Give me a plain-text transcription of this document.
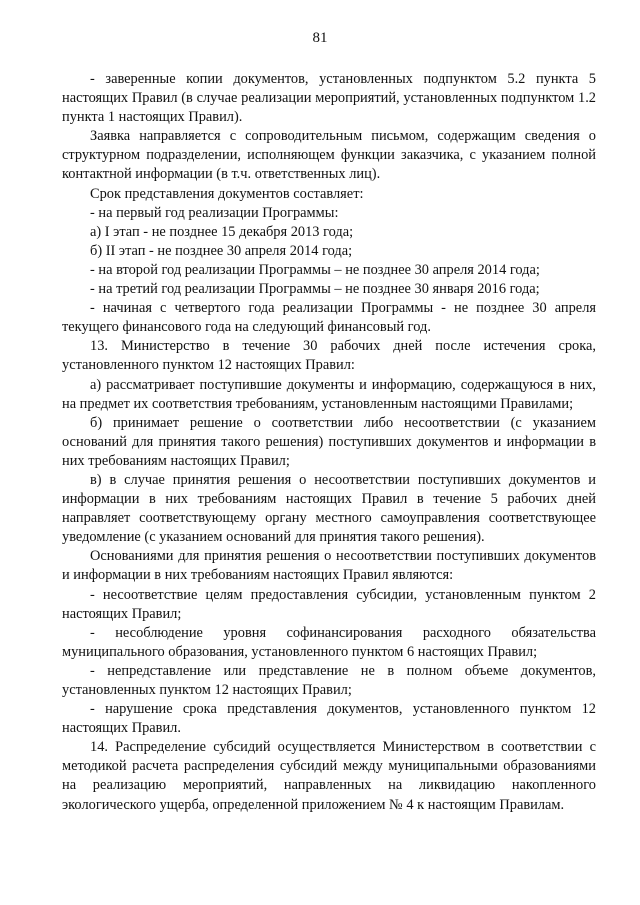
81

- заверенные копии документов, установленных подпунктом 5.2 пункта 5 настоящих Правил (в случае реализации мероприятий, установленных подпунктом 1.2 пункта 1 настоящих Правил).

Заявка направляется с сопроводительным письмом, содержащим сведения о структурном подразделении, исполняющем функции заказчика, с указанием полной контактной информации (в т.ч. ответственных лиц).

Срок представления документов составляет:

- на первый год реализации Программы:

а) I этап - не позднее 15 декабря 2013 года;

б) II этап - не позднее 30 апреля 2014 года;

- на второй год реализации Программы – не позднее 30 апреля 2014 года;

- на третий год реализации Программы – не позднее 30 января 2016 года;

- начиная с четвертого года реализации Программы - не позднее 30 апреля текущего финансового года на следующий финансовый год.

13. Министерство в течение 30 рабочих дней после истечения срока, установленного пунктом 12 настоящих Правил:

а) рассматривает поступившие документы и информацию, содержащуюся в них, на предмет их соответствия требованиям, установленным настоящими Правилами;

б) принимает решение о соответствии либо несоответствии (с указанием оснований для принятия такого решения) поступивших документов и информации в них требованиям настоящих Правил;

в) в случае принятия решения о несоответствии поступивших документов и информации в них требованиям настоящих Правил в течение 5 рабочих дней направляет соответствующему органу местного самоуправления соответствующее уведомление (с указанием оснований для принятия такого решения).

Основаниями для принятия решения о несоответствии поступивших документов и информации в них требованиям настоящих Правил являются:

- несоответствие целям предоставления субсидии, установленным пунктом 2 настоящих Правил;

- несоблюдение уровня софинансирования расходного обязательства муниципального образования, установленного пунктом 6 настоящих Правил;

- непредставление или представление не в полном объеме документов, установленных пунктом 12 настоящих Правил;

- нарушение срока представления документов, установленного пунктом 12 настоящих Правил.

14. Распределение субсидий осуществляется Министерством в соответствии с методикой расчета распределения субсидий между муниципальными образованиями на реализацию мероприятий, направленных на ликвидацию накопленного экологического ущерба, определенной приложением № 4 к настоящим Правилам.
